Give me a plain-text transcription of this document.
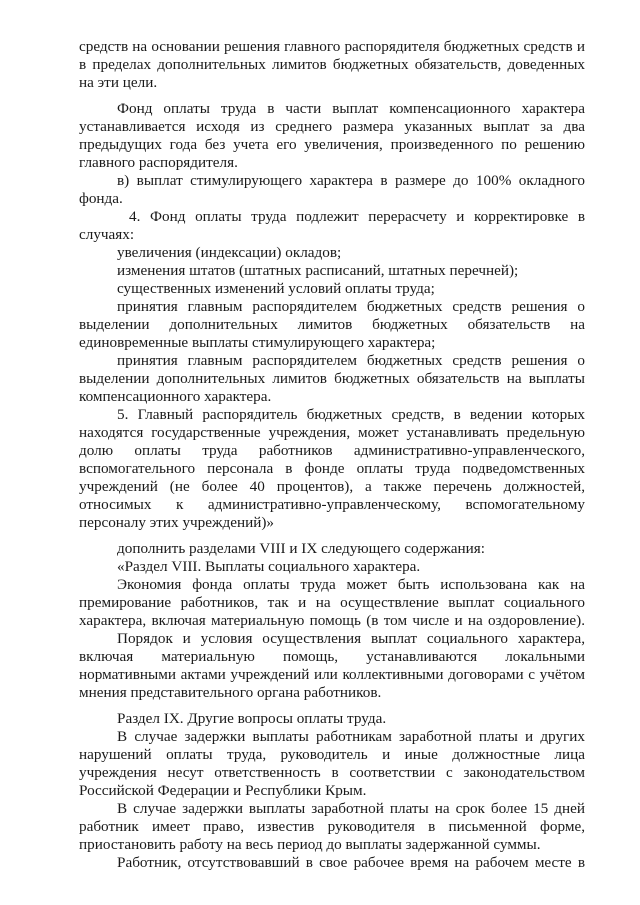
средств на основании решения главного распорядителя бюджетных средств и
в пределах дополнительных лимитов бюджетных обязательств, доведенных
на эти цели.
Фонд оплаты труда в части выплат компенсационного характера
устанавливается исходя из среднего размера указанных выплат за два
предыдущих года без учета его увеличения, произведенного по решению
главного распорядителя.
в) выплат стимулирующего характера в размере до 100% окладного
фонда.
4. Фонд оплаты труда подлежит перерасчету и корректировке в
случаях:
увеличения (индексации) окладов;
изменения штатов (штатных расписаний, штатных перечней);
существенных изменений условий оплаты труда;
принятия главным распорядителем бюджетных средств решения о
выделении дополнительных лимитов бюджетных обязательств на
единовременные выплаты стимулирующего характера;
принятия главным распорядителем бюджетных средств решения о
выделении дополнительных лимитов бюджетных обязательств на выплаты
компенсационного характера.
5. Главный распорядитель бюджетных средств, в ведении которых
находятся государственные учреждения, может устанавливать предельную
долю оплаты труда работников административно-управленческого,
вспомогательного персонала в фонде оплаты труда подведомственных
учреждений (не более 40 процентов), а также перечень должностей,
относимых к административно-управленческому, вспомогательному
персоналу этих учреждений)»
дополнить разделами VIII и IX следующего содержания:
«Раздел VIII. Выплаты социального характера.
Экономия фонда оплаты труда может быть использована как на
премирование работников, так и на осуществление выплат социального
характера, включая материальную помощь (в том числе и на оздоровление).
Порядок и условия осуществления выплат социального характера,
включая материальную помощь, устанавливаются локальными
нормативными актами учреждений или коллективными договорами с учётом
мнения представительного органа работников.
Раздел IX. Другие вопросы оплаты труда.
В случае задержки выплаты работникам заработной платы и других
нарушений оплаты труда, руководитель и иные должностные лица
учреждения несут ответственность в соответствии с законодательством
Российской Федерации и Республики Крым.
В случае задержки выплаты заработной платы на срок более 15 дней
работник имеет право, известив руководителя в письменной форме,
приостановить работу на весь период до выплаты задержанной суммы.
Работник, отсутствовавший в свое рабочее время на рабочем месте в
